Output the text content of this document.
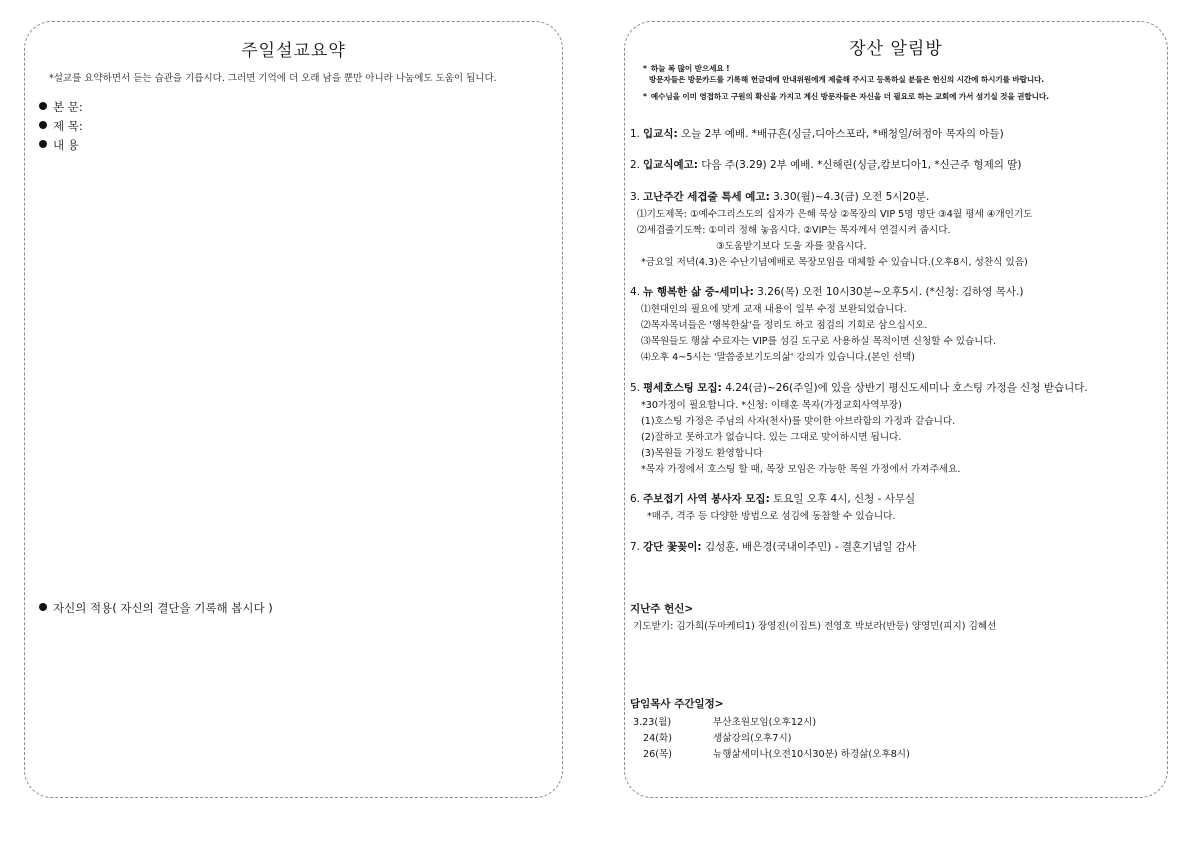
주일설교요약
*설교를 요약하면서 듣는 습관을 기릅시다. 그러면 기억에 더 오래 남을 뿐만 아니라 나눔에도 도움이 됩니다.
본 문:
제 목:
내 용
자신의 적용( 자신의 결단을 기록해 봅시다 )
장산 알림방
* 하늘 복 많이 받으세요 !
방문자들은 방문카드를 기록해 헌금대에 안내위원에게 제출해 주시고 등록하실 분들은 헌신의 시간에 하시기를 바랍니다.
* 예수님을 이미 영접하고 구원의 확신을 가지고 계신 방문자들은 자신을 더 필요로 하는 교회에 가서 섬기실 것을 권합니다.
1. 입교식: 오늘 2부 예배. *배규흔(싱글,디아스포라, *배청일/허정아 목자의 아들)
2. 입교식예고: 다음 주(3.29) 2부 예배. *신해린(싱글,캄보디아1, *신근주 형제의 딸)
3. 고난주간 세겹줄 특세 예고: 3.30(월)~4.3(금) 오전 5시20분.
⑴기도제목: ①예수그리스도의 십자가 은혜 묵상 ②목장의 VIP 5명 명단 ③4월 평세 ④개인기도
⑵세겹줄기도짝: ①미리 정해 놓읍시다. ②VIP는 목자께서 연결시켜 줍시다.
③도움받기보다 도울 자를 찾읍시다.
*금요일 저녁(4.3)은 수난기념예배로 목장모임을 대체할 수 있습니다.(오후8시, 성찬식 있음)
4. 뉴 행복한 삶 중-세미나: 3.26(목) 오전 10시30분~오후5시. (*신청: 김하영 목사.)
⑴현대인의 필요에 맞게 교재 내용이 일부 수정 보완되었습니다.
⑵목자목녀들은 '행복한삶'을 정리도 하고 점검의 기회로 삼으십시오.
⑶목원들도 행삶 수료자는 VIP를 섬길 도구로 사용하실 목적이면 신청할 수 있습니다.
⑷오후 4~5시는 '말씀중보기도의삶' 강의가 있습니다.(본인 선택)
5. 평세호스팅 모집: 4.24(금)~26(주일)에 있을 상반기 평신도세미나 호스팅 가정을 신청 받습니다.
*30가정이 필요합니다. *신청: 이태훈 목자(가정교회사역부장)
(1)호스팅 가정은 주님의 사자(천사)를 맞이한 아브라함의 가정과 같습니다.
(2)잘하고 못하고가 없습니다. 있는 그대로 맞이하시면 됩니다.
(3)목원들 가정도 환영합니다
*목자 가정에서 호스팅 할 때, 목장 모임은 가능한 목원 가정에서 가져주세요.
6. 주보접기 사역 봉사자 모집: 토요일 오후 4시, 신청 - 사무실
*매주, 격주 등 다양한 방법으로 섬김에 동참할 수 있습니다.
7. 강단 꽃꽂이: 김성훈, 배은경(국내이주민) - 결혼기념일 감사
지난주 헌신>
기도받기: 김가희(두마케티1) 장영진(이집트) 전영호 박보라(반등) 양영민(피지) 김혜선
담임목사 주간일정>
3.23(월)	부산초원모임(오후12시)
24(화)	생삶강의(오후7시)
26(목)	뉴행삶세미나(오전10시30분) 하경삶(오후8시)
